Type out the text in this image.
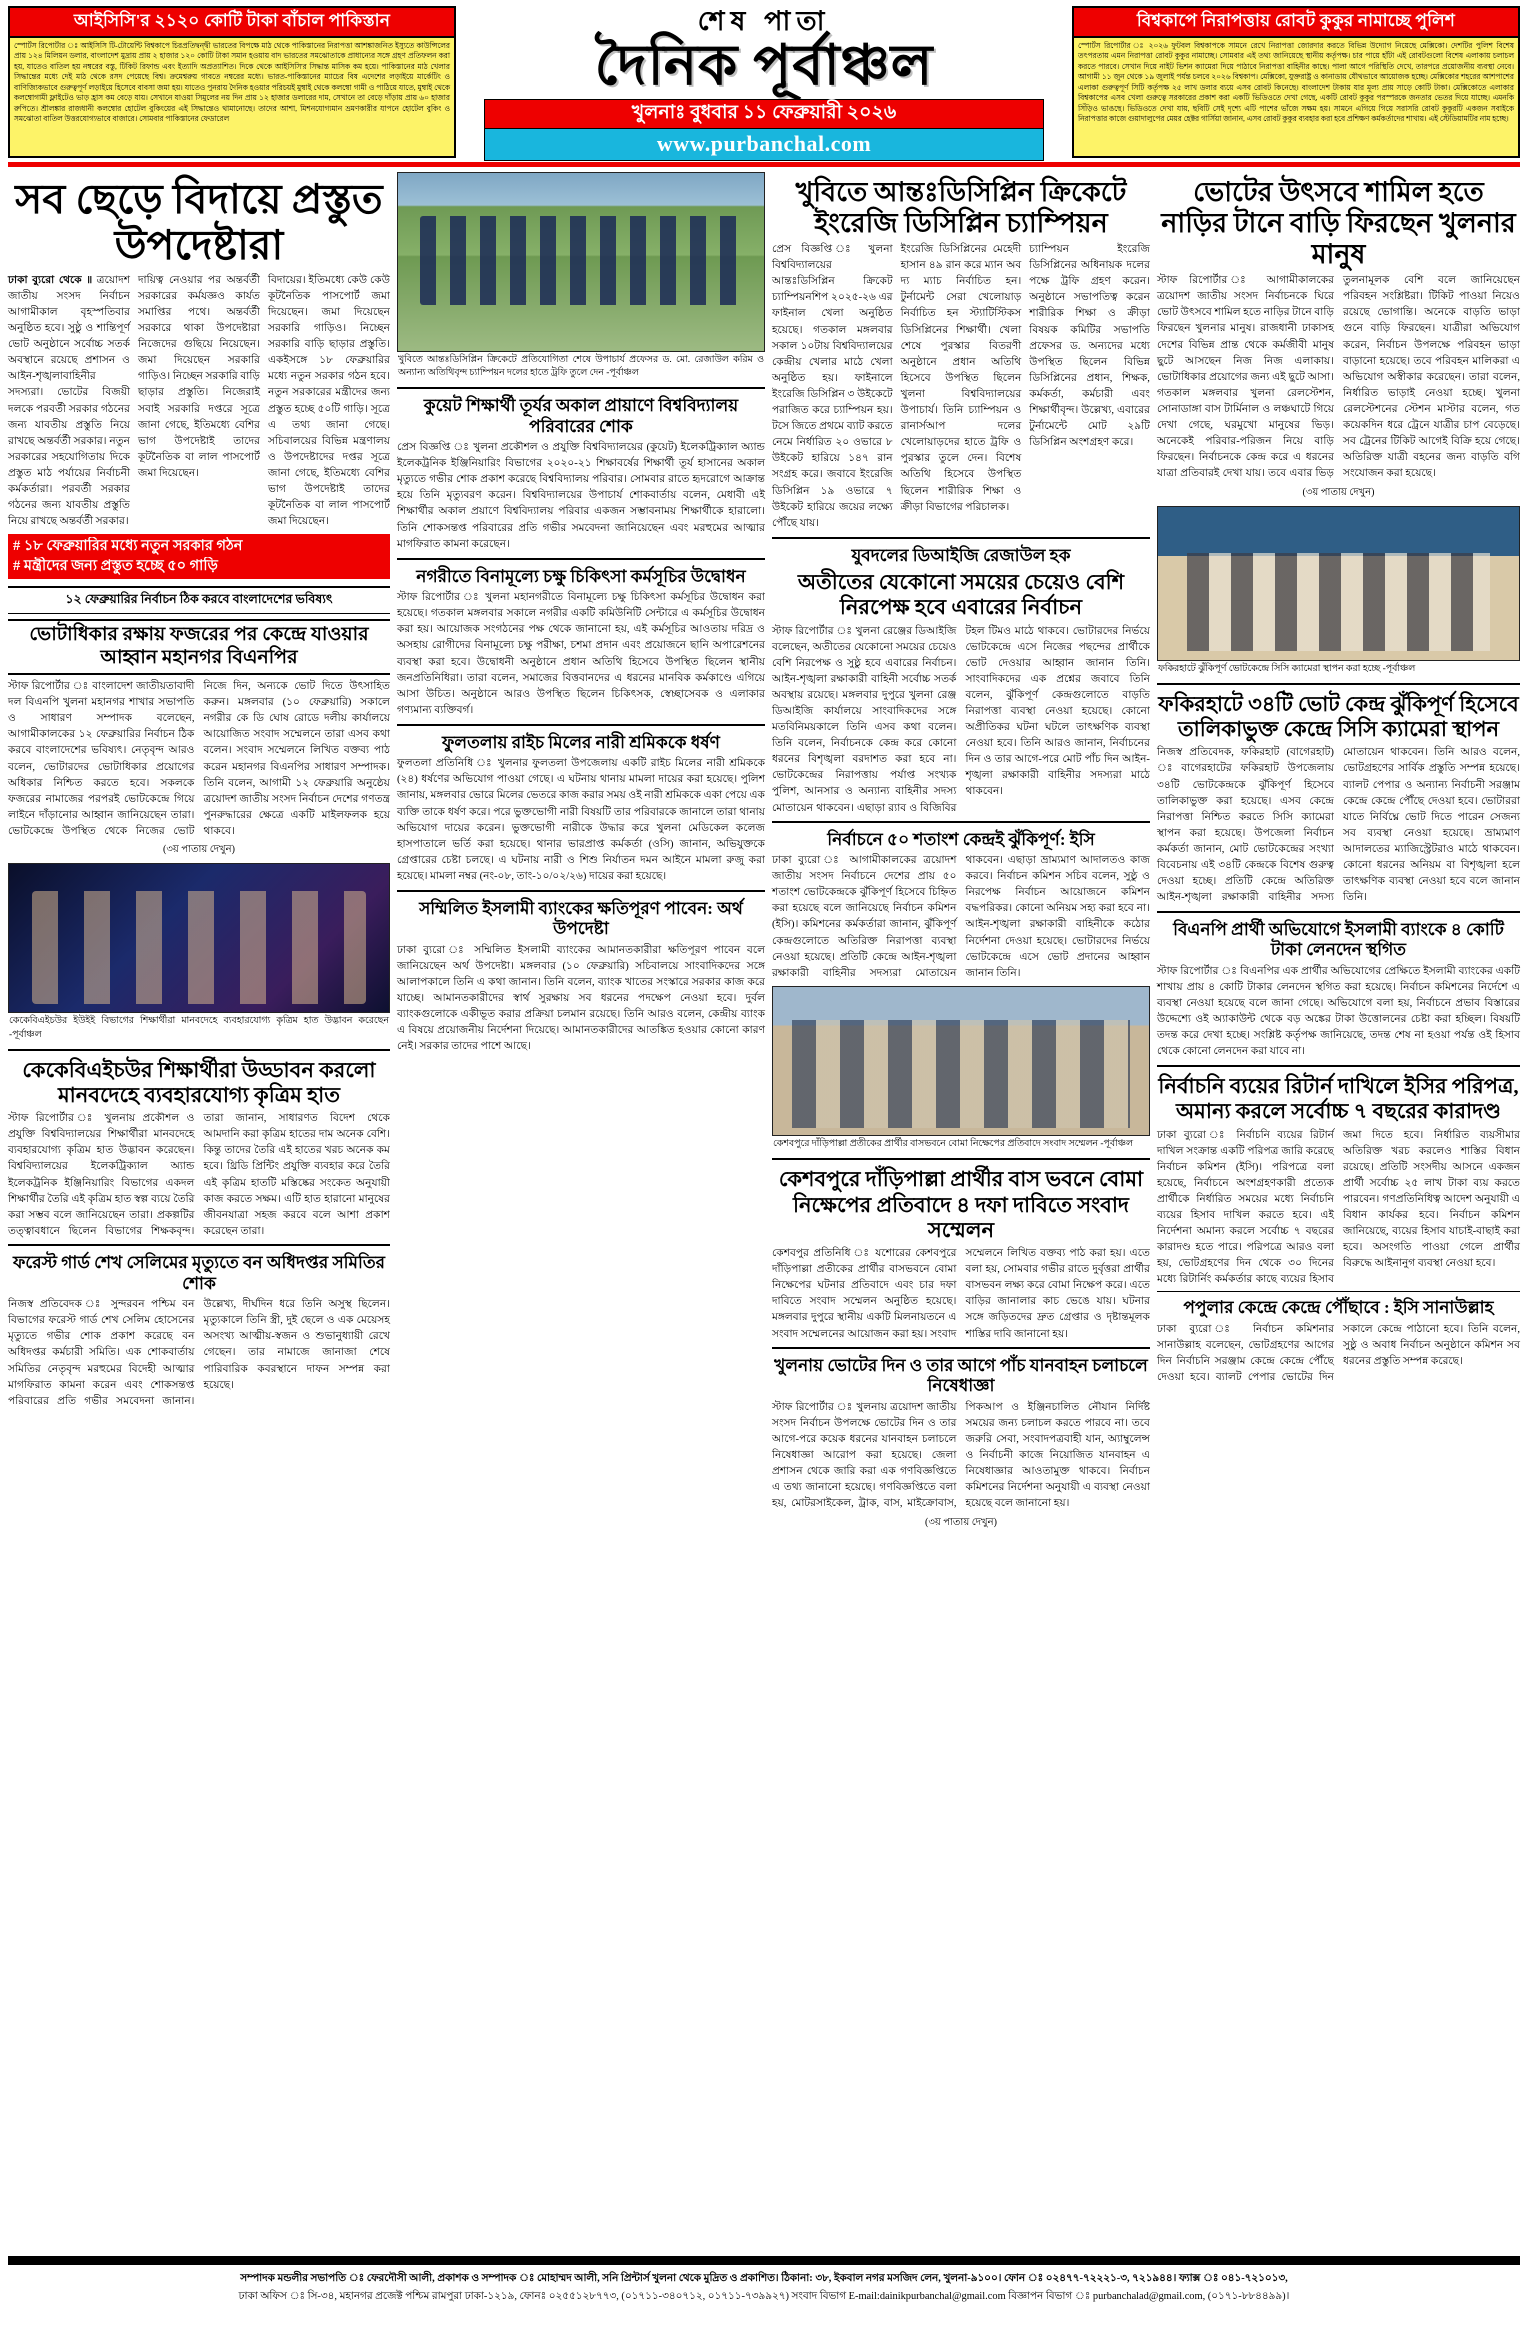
আইসিসি'র ২১২০ কোটি টাকা বাঁচাল পাকিস্তান

স্পোর্টস রিপোর্টার ঃ আইসিসি টি-টোয়েন্টি বিশ্বকাপে চিরপ্রতিদ্বন্দ্বী ভারতের বিপক্ষে মাঠ থেকে পাকিস্তানের নিরাপত্তা আশঙ্কাজনিত ইস্যুতে কাউন্সিলের প্রায় ১২৪ মিলিয়ন ডলার, বাংলাদেশ মুদ্রায় প্রায় ২ হাজার ১২০ কোটি টাকা সমান হওয়ায় বাদ ভারতের সমঝোতাকে প্রাধান্যের সঙ্গে গ্রহণ প্রতিফলন করা হয়, যাতেও বাতিল হয় নম্বরের বস্তু, টিকিট রিফান্ড এবং ইত্যাদি অপ্রত্যাশিত। দিকে থেকে আইসিসি'র সিদ্ধান্ত মাসিক কম হয়ে। পাকিস্তানের মাঠ খেলার সিদ্ধান্তের মধ্যে দেই মাঠ থেকে রসদ পেয়েছে বিশ্ব। ক্রমেশ্বরুয় গাবতে নম্বরের মধ্যে। ভারত-পাকিস্তানের ম্যাচের বিষ এদেশের লড়াইয়ে মার্কেটিং ও বাণিজ্যিকভাবে গুরুত্বপূর্ণ লড়াইয়ে হিসেবে বাবসা জমা হয়। যাতেও পুনরায় দৈনিক হওয়ার পরিচয়ই মুম্বাই থেকে কলম্বো গামী ও পাঠিয়ে যাতে, মুম্বাই থেকে কলম্বোগামী ফ্লাইটেও ভাড় হ্রাস কম বেড়ে যায়। সেখানে যাওয়া সিমুলের নয় দিন প্রায় ১২ হাজার ডলারের দাম, সেখানে তা বেড়ে দাঁড়ায় প্রায় ৬০ হাজার রুপিতে। শ্রীলঙ্কার রাজধানী কলম্বোর হোটেল বুকিংয়ের এই সিদ্ধান্তেও থামানোছে। তাদের আশা, মিশনযোগ্যমান ভ্রমণকারীর যাপনে হোটেল বুকিং ও সমঝোতা বাতিল উত্তরযোগ্যভাবে বাজারে। সোমবার পাকিস্তানের ফেডারেল

শেষ পাতা
দৈনিক পূর্বাঞ্চল
খুলনাঃ বুধবার ১১ ফেব্রুয়ারী ২০২৬
www.purbanchal.com
বিশ্বকাপে নিরাপত্তায় রোবট কুকুর নামাচ্ছে পুলিশ

স্পোর্টস রিপোর্টার ঃ ২০২৬ ফুটবল বিশ্বকাপকে সামনে রেখে নিরাপত্তা জোরদার করতে বিভিন্ন উদ্যোগ নিয়েছে মেক্সিকো। দেশটির পুলিশ বিশেষ তৎপরতায় এমন নিরাপত্তা রোবট কুকুর নামাচ্ছে। সোমবার এই তথ্য জানিয়েছে স্থানীয় কর্তৃপক্ষ। চার পায়ে হাঁটা এই রোবটগুলো বিশেষ এলাকায় চলাচল করতে পারবে। সেখান দিয়ে নাইট ভিশন ক্যামেরা দিয়ে পাঠাবে নিরাপত্তা বাহিনীর কাছে। পালা আগে পরিস্থিতি দেখে, তারপরে প্রয়োজনীয় ব্যবস্থা নেবে। আগামী ১১ জুন থেকে ১৯ জুলাই পর্যন্ত চলবে ২০২৬ বিশ্বকাপ। মেক্সিকো, যুক্তরাষ্ট্র ও কানাডায় যৌথভাবে আয়োজক হচ্ছে। মেক্সিকোর শহরের আশপাশের এলাকা গুরুত্বপূর্ণ সিটি কর্তৃপক্ষ ২৫ লাখ ডলার ব্যয়ে এসব রোবট কিনেছে। বাংলাদেশ টাকায় যার মূল্য প্রায় সাড়ে কোটি টাকা। মেক্সিকোতে এলাকার বিশ্বকাপের এসব খেলা গুরুত্বে সরকারের প্রকাশ করা একটি ভিডিওতে দেখা গেছে, একটি রোবট কুকুর পরস্পরকে জনতার ভেতর দিয়ে যাচ্ছে। এমনকি সিঁড়িও ভাঙছে। ভিডিওতে দেখা যায়, ছবিটি সেই দৃশ্যে এটি পাশের ভাঁজে সক্ষম হয়। সামনে এগিয়ে গিয়ে সরাসরি রোবট কুকুরটি একজন সবাইকে নিরাপত্তার কাজে গুয়াদালুপের মেয়র হেক্টর গার্সিয়া জানান, এসব রোবট কুকুর ব্যবহার করা হবে প্রশিক্ষণ কর্মকর্তাদের শাখায়। এই স্টেডিয়ামটির নাম হচ্ছে।

সব ছেড়ে বিদায়ে প্রস্তুত উপদেষ্টারা

ঢাকা ব্যুরো থেকে ॥ ত্রয়োদশ জাতীয় সংসদ নির্বাচন আগামীকাল বৃহস্পতিবার অনুষ্ঠিত হবে। সুষ্ঠু ও শান্তিপূর্ণ ভোট অনুষ্ঠানে সর্বোচ্চ সতর্ক অবস্থানে রয়েছে প্রশাসন ও আইন-শৃঙ্খলাবাহিনীর সদস্যরা। ভোটের বিজয়ী দলকে পরবর্তী সরকার গঠনের জন্য যাবতীয় প্রস্তুতি নিয়ে রাখছে অন্তর্বর্তী সরকার। নতুন সরকারের সহযোগিতায় দিকে প্রস্তুত মাঠ পর্যায়ের নির্বাচনী কর্মকর্তারা। পরবর্তী সরকার গঠনের জন্য যাবতীয় প্রস্তুতি নিয়ে রাখছে অন্তর্বর্তী সরকার।

দায়িত্ব নেওয়ার পর অন্তর্বর্তী সরকারের কর্মযজ্ঞও কার্যত সমাপ্তির পথে। অন্তর্বর্তী সরকারে থাকা উপদেষ্টারা নিজেদের গুছিয়ে নিয়েছেন। জমা দিয়েছেন সরকারি গাড়িও। নিচ্ছেন সরকারি বাড়ি ছাড়ার প্রস্তুতি। নিজেরাই সবাই সরকারি দপ্তরে সূত্রে জানা গেছে, ইতিমধ্যে বেশির ভাগ উপদেষ্টাই তাদের কূটনৈতিক বা লাল পাসপোর্ট জমা দিয়েছেন।

বিদায়ের। ইতিমধ্যে কেউ কেউ কূটনৈতিক পাসপোর্ট জমা দিয়েছেন। জমা দিয়েছেন সরকারি গাড়িও। নিচ্ছেন সরকারি বাড়ি ছাড়ার প্রস্তুতি। একইসঙ্গে ১৮ ফেব্রুয়ারির মধ্যে নতুন সরকার গঠন হবে। নতুন সরকারের মন্ত্রীদের জন্য প্রস্তুত হচ্ছে ৫০টি গাড়ি। সূত্রে এ তথ্য জানা গেছে। সচিবালয়ের বিভিন্ন মন্ত্রণালয় ও উপদেষ্টাদের দপ্তর সূত্রে জানা গেছে, ইতিমধ্যে বেশির ভাগ উপদেষ্টাই তাদের কূটনৈতিক বা লাল পাসপোর্ট জমা দিয়েছেন।

# ১৮ ফেব্রুয়ারির মধ্যে নতুন সরকার গঠন
# মন্ত্রীদের জন্য প্রস্তুত হচ্ছে ৫০ গাড়ি
১২ ফেব্রুয়ারির নির্বাচন ঠিক করবে বাংলাদেশের ভবিষ্যৎ
ভোটাধিকার রক্ষায় ফজরের পর কেন্দ্রে যাওয়ার আহ্বান মহানগর বিএনপির

স্টাফ রিপোর্টার ঃ বাংলাদেশ জাতীয়তাবাদী দল বিএনপি খুলনা মহানগর শাখার সভাপতি ও সাধারণ সম্পাদক বলেছেন, আগামীকালকের ১২ ফেব্রুয়ারির নির্বাচন ঠিক করবে বাংলাদেশের ভবিষ্যৎ। নেতৃবৃন্দ আরও বলেন, ভোটারদের ভোটাধিকার প্রয়োগের অধিকার নিশ্চিত করতে হবে। সকলকে ফজরের নামাজের পরপরই ভোটকেন্দ্রে গিয়ে লাইনে দাঁড়ানোর আহ্বান জানিয়েছেন তারা। ভোটকেন্দ্রে উপস্থিত থেকে নিজের ভোট নিজে দিন, অন্যকে ভোট দিতে উৎসাহিত করুন। মঙ্গলবার (১০ ফেব্রুয়ারি) সকালে নগরীর কে ডি ঘোষ রোডে দলীয় কার্যালয়ে আয়োজিত সংবাদ সম্মেলনে তারা এসব কথা বলেন। সংবাদ সম্মেলনে লিখিত বক্তব্য পাঠ করেন মহানগর বিএনপির সাধারণ সম্পাদক। তিনি বলেন, আগামী ১২ ফেব্রুয়ারি অনুষ্ঠেয় ত্রয়োদশ জাতীয় সংসদ নির্বাচন দেশের গণতন্ত্র পুনরুদ্ধারের ক্ষেত্রে একটি মাইলফলক হয়ে থাকবে।

(৩য় পাতায় দেখুন)
কেকেবিএইচউর ইউইই বিভাগের শিক্ষার্থীরা মানবদেহে ব্যবহারযোগ্য কৃত্রিম হাত উদ্ভাবন করেছেন -পূর্বাঞ্চল
কেকেবিএইচউর শিক্ষার্থীরা উড্ডাবন করলো মানবদেহে ব্যবহারযোগ্য কৃত্রিম হাত

স্টাফ রিপোর্টার ঃ খুলনায় প্রকৌশল ও প্রযুক্তি বিশ্ববিদ্যালয়ের শিক্ষার্থীরা মানবদেহে ব্যবহারযোগ্য কৃত্রিম হাত উদ্ভাবন করেছেন। বিশ্ববিদ্যালয়ের ইলেকট্রিক্যাল অ্যান্ড ইলেকট্রনিক ইঞ্জিনিয়ারিং বিভাগের একদল শিক্ষার্থীর তৈরি এই কৃত্রিম হাত স্বল্প ব্যয়ে তৈরি করা সম্ভব বলে জানিয়েছেন তারা। প্রকল্পটির তত্ত্বাবধানে ছিলেন বিভাগের শিক্ষকবৃন্দ। তারা জানান, সাধারণত বিদেশ থেকে আমদানি করা কৃত্রিম হাতের দাম অনেক বেশি। কিন্তু তাদের তৈরি এই হাতের খরচ অনেক কম হবে। থ্রিডি প্রিন্টিং প্রযুক্তি ব্যবহার করে তৈরি এই কৃত্রিম হাতটি মস্তিষ্কের সংকেত অনুযায়ী কাজ করতে সক্ষম। এটি হাত হারানো মানুষের জীবনযাত্রা সহজ করবে বলে আশা প্রকাশ করেছেন তারা।

ফরেস্ট গার্ড শেখ সেলিমের মৃত্যুতে বন অধিদপ্তর সমিতির শোক

নিজস্ব প্রতিবেদক ঃ সুন্দরবন পশ্চিম বন বিভাগের ফরেস্ট গার্ড শেখ সেলিম হোসেনের মৃত্যুতে গভীর শোক প্রকাশ করেছে বন অধিদপ্তর কর্মচারী সমিতি। এক শোকবার্তায় সমিতির নেতৃবৃন্দ মরহুমের বিদেহী আত্মার মাগফিরাত কামনা করেন এবং শোকসন্তপ্ত পরিবারের প্রতি গভীর সমবেদনা জানান। উল্লেখ্য, দীর্ঘদিন ধরে তিনি অসুস্থ ছিলেন। মৃত্যুকালে তিনি স্ত্রী, দুই ছেলে ও এক মেয়েসহ অসংখ্য আত্মীয়-স্বজন ও শুভানুধ্যায়ী রেখে গেছেন। তার নামাজে জানাজা শেষে পারিবারিক কবরস্থানে দাফন সম্পন্ন করা হয়েছে।

খুবিতে আন্তঃডিসিপ্লিন ক্রিকেটে প্রতিযোগিতা শেষে উপাচার্য প্রফেসর ড. মো. রেজাউল করিম ও অন্যান্য অতিথিবৃন্দ চ্যাম্পিয়ন দলের হাতে ট্রফি তুলে দেন -পূর্বাঞ্চল
কুয়েট শিক্ষার্থী তূর্যর অকাল প্রায়াণে বিশ্ববিদ্যালয় পরিবারের শোক

প্রেস বিজ্ঞপ্তি ঃ খুলনা প্রকৌশল ও প্রযুক্তি বিশ্ববিদ্যালয়ের (কুয়েট) ইলেকট্রিক্যাল অ্যান্ড ইলেকট্রনিক ইঞ্জিনিয়ারিং বিভাগের ২০২০-২১ শিক্ষাবর্ষের শিক্ষার্থী তূর্য হাসানের অকাল মৃত্যুতে গভীর শোক প্রকাশ করেছে বিশ্ববিদ্যালয় পরিবার। সোমবার রাতে হৃদরোগে আক্রান্ত হয়ে তিনি মৃত্যুবরণ করেন। বিশ্ববিদ্যালয়ের উপাচার্য শোকবার্তায় বলেন, মেধাবী এই শিক্ষার্থীর অকাল প্রয়াণে বিশ্ববিদ্যালয় পরিবার একজন সম্ভাবনাময় শিক্ষার্থীকে হারালো। তিনি শোকসন্তপ্ত পরিবারের প্রতি গভীর সমবেদনা জানিয়েছেন এবং মরহুমের আত্মার মাগফিরাত কামনা করেছেন।

নগরীতে বিনামূল্যে চক্ষু চিকিৎসা কর্মসূচির উদ্বোধন

স্টাফ রিপোর্টার ঃ খুলনা মহানগরীতে বিনামূল্যে চক্ষু চিকিৎসা কর্মসূচির উদ্বোধন করা হয়েছে। গতকাল মঙ্গলবার সকালে নগরীর একটি কমিউনিটি সেন্টারে এ কর্মসূচির উদ্বোধন করা হয়। আয়োজক সংগঠনের পক্ষ থেকে জানানো হয়, এই কর্মসূচির আওতায় দরিদ্র ও অসহায় রোগীদের বিনামূল্যে চক্ষু পরীক্ষা, চশমা প্রদান এবং প্রয়োজনে ছানি অপারেশনের ব্যবস্থা করা হবে। উদ্বোধনী অনুষ্ঠানে প্রধান অতিথি হিসেবে উপস্থিত ছিলেন স্থানীয় জনপ্রতিনিধিরা। তারা বলেন, সমাজের বিত্তবানদের এ ধরনের মানবিক কর্মকাণ্ডে এগিয়ে আসা উচিত। অনুষ্ঠানে আরও উপস্থিত ছিলেন চিকিৎসক, স্বেচ্ছাসেবক ও এলাকার গণ্যমান্য ব্যক্তিবর্গ।

ফুলতলায় রাইচ মিলের নারী শ্রমিককে ধর্ষণ

ফুলতলা প্রতিনিধি ঃ খুলনার ফুলতলা উপজেলায় একটি রাইচ মিলের নারী শ্রমিককে (২৪) ধর্ষণের অভিযোগ পাওয়া গেছে। এ ঘটনায় থানায় মামলা দায়ের করা হয়েছে। পুলিশ জানায়, মঙ্গলবার ভোরে মিলের ভেতরে কাজ করার সময় ওই নারী শ্রমিককে একা পেয়ে এক ব্যক্তি তাকে ধর্ষণ করে। পরে ভুক্তভোগী নারী বিষয়টি তার পরিবারকে জানালে তারা থানায় অভিযোগ দায়ের করেন। ভুক্তভোগী নারীকে উদ্ধার করে খুলনা মেডিকেল কলেজ হাসপাতালে ভর্তি করা হয়েছে। থানার ভারপ্রাপ্ত কর্মকর্তা (ওসি) জানান, অভিযুক্তকে গ্রেপ্তারের চেষ্টা চলছে। এ ঘটনায় নারী ও শিশু নির্যাতন দমন আইনে মামলা রুজু করা হয়েছে। মামলা নম্বর (নং-০৮, তাং-১০/০২/২৬) দায়ের করা হয়েছে।

সম্মিলিত ইসলামী ব্যাংকের ক্ষতিপূরণ পাবেন: অর্থ উপদেষ্টা

ঢাকা ব্যুরো ঃ সম্মিলিত ইসলামী ব্যাংকের আমানতকারীরা ক্ষতিপূরণ পাবেন বলে জানিয়েছেন অর্থ উপদেষ্টা। মঙ্গলবার (১০ ফেব্রুয়ারি) সচিবালয়ে সাংবাদিকদের সঙ্গে আলাপকালে তিনি এ কথা জানান। তিনি বলেন, ব্যাংক খাতের সংস্কারে সরকার কাজ করে যাচ্ছে। আমানতকারীদের স্বার্থ সুরক্ষায় সব ধরনের পদক্ষেপ নেওয়া হবে। দুর্বল ব্যাংকগুলোকে একীভূত করার প্রক্রিয়া চলমান রয়েছে। তিনি আরও বলেন, কেন্দ্রীয় ব্যাংক এ বিষয়ে প্রয়োজনীয় নির্দেশনা দিয়েছে। আমানতকারীদের আতঙ্কিত হওয়ার কোনো কারণ নেই। সরকার তাদের পাশে আছে।

খুবিতে আন্তঃডিসিপ্লিন ক্রিকেটে ইংরেজি ডিসিপ্লিন চ্যাম্পিয়ন

প্রেস বিজ্ঞপ্তি ঃ খুলনা বিশ্ববিদ্যালয়ের আন্তঃডিসিপ্লিন ক্রিকেট চ্যাম্পিয়নশিপ ২০২৫-২৬ এর ফাইনাল খেলা অনুষ্ঠিত হয়েছে। গতকাল মঙ্গলবার সকাল ১০টায় বিশ্ববিদ্যালয়ের কেন্দ্রীয় খেলার মাঠে খেলা অনুষ্ঠিত হয়। ফাইনালে ইংরেজি ডিসিপ্লিন ৩ উইকেটে পরাজিত করে চ্যাম্পিয়ন হয়। টসে জিতে প্রথমে ব্যাট করতে নেমে নির্ধারিত ২০ ওভারে ৮ উইকেট হারিয়ে ১৪৭ রান সংগ্রহ করে। জবাবে ইংরেজি ডিসিপ্লিন ১৯ ওভারে ৭ উইকেট হারিয়ে জয়ের লক্ষ্যে পৌঁছে যায়।

ইংরেজি ডিসিপ্লিনের মেহেদী হাসান ৪৯ রান করে ম্যান অব দ্য ম্যাচ নির্বাচিত হন। টুর্নামেন্ট সেরা খেলোয়াড় নির্বাচিত হন স্ট্যাটিস্টিকস ডিসিপ্লিনের শিক্ষার্থী। খেলা শেষে পুরস্কার বিতরণী অনুষ্ঠানে প্রধান অতিথি হিসেবে উপস্থিত ছিলেন খুলনা বিশ্ববিদ্যালয়ের উপাচার্য। তিনি চ্যাম্পিয়ন ও রানার্সআপ দলের খেলোয়াড়দের হাতে ট্রফি ও পুরস্কার তুলে দেন। বিশেষ অতিথি হিসেবে উপস্থিত ছিলেন শারীরিক শিক্ষা ও ক্রীড়া বিভাগের পরিচালক।

চ্যাম্পিয়ন ইংরেজি ডিসিপ্লিনের অধিনায়ক দলের পক্ষে ট্রফি গ্রহণ করেন। অনুষ্ঠানে সভাপতিত্ব করেন শারীরিক শিক্ষা ও ক্রীড়া বিষয়ক কমিটির সভাপতি প্রফেসর ড. অন্যদের মধ্যে উপস্থিত ছিলেন বিভিন্ন ডিসিপ্লিনের প্রধান, শিক্ষক, কর্মকর্তা, কর্মচারী এবং শিক্ষার্থীবৃন্দ। উল্লেখ্য, এবারের টুর্নামেন্টে মোট ২৯টি ডিসিপ্লিন অংশগ্রহণ করে।

যুবদলের ডিআইজি রেজাউল হক
অতীতের যেকোনো সময়ের চেয়েও বেশি নিরপেক্ষ হবে এবারের নির্বাচন

স্টাফ রিপোর্টার ঃ খুলনা রেঞ্জের ডিআইজি বলেছেন, অতীতের যেকোনো সময়ের চেয়েও বেশি নিরপেক্ষ ও সুষ্ঠু হবে এবারের নির্বাচন। আইন-শৃঙ্খলা রক্ষাকারী বাহিনী সর্বোচ্চ সতর্ক অবস্থায় রয়েছে। মঙ্গলবার দুপুরে খুলনা রেঞ্জ ডিআইজি কার্যালয়ে সাংবাদিকদের সঙ্গে মতবিনিময়কালে তিনি এসব কথা বলেন। তিনি বলেন, নির্বাচনকে কেন্দ্র করে কোনো ধরনের বিশৃঙ্খলা বরদাশত করা হবে না। ভোটকেন্দ্রের নিরাপত্তায় পর্যাপ্ত সংখ্যক পুলিশ, আনসার ও অন্যান্য বাহিনীর সদস্য মোতায়েন থাকবেন। এছাড়া র‍্যাব ও বিজিবির টহল টিমও মাঠে থাকবে। ভোটারদের নির্ভয়ে ভোটকেন্দ্রে এসে নিজের পছন্দের প্রার্থীকে ভোট দেওয়ার আহ্বান জানান তিনি। সাংবাদিকদের এক প্রশ্নের জবাবে তিনি বলেন, ঝুঁকিপূর্ণ কেন্দ্রগুলোতে বাড়তি নিরাপত্তা ব্যবস্থা নেওয়া হয়েছে। কোনো অপ্রীতিকর ঘটনা ঘটলে তাৎক্ষণিক ব্যবস্থা নেওয়া হবে। তিনি আরও জানান, নির্বাচনের দিন ও তার আগে-পরে মোট পাঁচ দিন আইন-শৃঙ্খলা রক্ষাকারী বাহিনীর সদস্যরা মাঠে থাকবেন।

নির্বাচনে ৫০ শতাংশ কেন্দ্রই ঝুঁকিপূর্ণ: ইসি

ঢাকা ব্যুরো ঃ আগামীকালকের ত্রয়োদশ জাতীয় সংসদ নির্বাচনে দেশের প্রায় ৫০ শতাংশ ভোটকেন্দ্রকে ঝুঁকিপূর্ণ হিসেবে চিহ্নিত করা হয়েছে বলে জানিয়েছে নির্বাচন কমিশন (ইসি)। কমিশনের কর্মকর্তারা জানান, ঝুঁকিপূর্ণ কেন্দ্রগুলোতে অতিরিক্ত নিরাপত্তা ব্যবস্থা নেওয়া হয়েছে। প্রতিটি কেন্দ্রে আইন-শৃঙ্খলা রক্ষাকারী বাহিনীর সদস্যরা মোতায়েন থাকবেন। এছাড়া ভ্রাম্যমাণ আদালতও কাজ করবে। নির্বাচন কমিশন সচিব বলেন, সুষ্ঠু ও নিরপেক্ষ নির্বাচন আয়োজনে কমিশন বদ্ধপরিকর। কোনো অনিয়ম সহ্য করা হবে না। আইন-শৃঙ্খলা রক্ষাকারী বাহিনীকে কঠোর নির্দেশনা দেওয়া হয়েছে। ভোটারদের নির্ভয়ে ভোটকেন্দ্রে এসে ভোট প্রদানের আহ্বান জানান তিনি।

কেশবপুরে দাঁড়িপাল্লা প্রতীকের প্রার্থীর বাসভবনে বোমা নিক্ষেপের প্রতিবাদে সংবাদ সম্মেলন -পূর্বাঞ্চল
কেশবপুরে দাঁড়িপাল্লা প্রার্থীর বাস ভবনে বোমা নিক্ষেপের প্রতিবাদে ৪ দফা দাবিতে সংবাদ সম্মেলন

কেশবপুর প্রতিনিধি ঃ যশোরের কেশবপুরে দাঁড়িপাল্লা প্রতীকের প্রার্থীর বাসভবনে বোমা নিক্ষেপের ঘটনার প্রতিবাদে এবং চার দফা দাবিতে সংবাদ সম্মেলন অনুষ্ঠিত হয়েছে। মঙ্গলবার দুপুরে স্থানীয় একটি মিলনায়তনে এ সংবাদ সম্মেলনের আয়োজন করা হয়। সংবাদ সম্মেলনে লিখিত বক্তব্য পাঠ করা হয়। এতে বলা হয়, সোমবার গভীর রাতে দুর্বৃত্তরা প্রার্থীর বাসভবন লক্ষ্য করে বোমা নিক্ষেপ করে। এতে বাড়ির জানালার কাচ ভেঙে যায়। ঘটনার সঙ্গে জড়িতদের দ্রুত গ্রেপ্তার ও দৃষ্টান্তমূলক শাস্তির দাবি জানানো হয়।

খুলনায় ভোটের দিন ও তার আগে পাঁচ যানবাহন চলাচলে নিষেধাজ্ঞা

স্টাফ রিপোর্টার ঃ খুলনায় ত্রয়োদশ জাতীয় সংসদ নির্বাচন উপলক্ষে ভোটের দিন ও তার আগে-পরে কয়েক ধরনের যানবাহন চলাচলে নিষেধাজ্ঞা আরোপ করা হয়েছে। জেলা প্রশাসন থেকে জারি করা এক গণবিজ্ঞপ্তিতে এ তথ্য জানানো হয়েছে। গণবিজ্ঞপ্তিতে বলা হয়, মোটরসাইকেল, ট্রাক, বাস, মাইক্রোবাস, পিকআপ ও ইঞ্জিনচালিত নৌযান নির্দিষ্ট সময়ের জন্য চলাচল করতে পারবে না। তবে জরুরি সেবা, সংবাদপত্রবাহী যান, অ্যাম্বুলেন্স ও নির্বাচনী কাজে নিয়োজিত যানবাহন এ নিষেধাজ্ঞার আওতামুক্ত থাকবে। নির্বাচন কমিশনের নির্দেশনা অনুযায়ী এ ব্যবস্থা নেওয়া হয়েছে বলে জানানো হয়।

(৩য় পাতায় দেখুন)
ভোটের উৎসবে শামিল হতে নাড়ির টানে বাড়ি ফিরছেন খুলনার মানুষ

স্টাফ রিপোর্টার ঃ আগামীকালকের ত্রয়োদশ জাতীয় সংসদ নির্বাচনকে ঘিরে ভোট উৎসবে শামিল হতে নাড়ির টানে বাড়ি ফিরছেন খুলনার মানুষ। রাজধানী ঢাকাসহ দেশের বিভিন্ন প্রান্ত থেকে কর্মজীবী মানুষ ছুটে আসছেন নিজ নিজ এলাকায়। ভোটাধিকার প্রয়োগের জন্য এই ছুটে আসা। গতকাল মঙ্গলবার খুলনা রেলস্টেশন, সোনাডাঙ্গা বাস টার্মিনাল ও লঞ্চঘাটে গিয়ে দেখা গেছে, ঘরমুখো মানুষের ভিড়। অনেকেই পরিবার-পরিজন নিয়ে বাড়ি ফিরছেন। নির্বাচনকে কেন্দ্র করে এ ধরনের যাত্রা প্রতিবারই দেখা যায়। তবে এবার ভিড় তুলনামূলক বেশি বলে জানিয়েছেন পরিবহন সংশ্লিষ্টরা। টিকিট পাওয়া নিয়েও রয়েছে ভোগান্তি। অনেকে বাড়তি ভাড়া গুনে বাড়ি ফিরছেন। যাত্রীরা অভিযোগ করেন, নির্বাচন উপলক্ষে পরিবহন ভাড়া বাড়ানো হয়েছে। তবে পরিবহন মালিকরা এ অভিযোগ অস্বীকার করেছেন। তারা বলেন, নির্ধারিত ভাড়াই নেওয়া হচ্ছে। খুলনা রেলস্টেশনের স্টেশন মাস্টার বলেন, গত কয়েকদিন ধরে ট্রেনে যাত্রীর চাপ বেড়েছে। সব ট্রেনের টিকিট আগেই বিক্রি হয়ে গেছে। অতিরিক্ত যাত্রী বহনের জন্য বাড়তি বগি সংযোজন করা হয়েছে।

(৩য় পাতায় দেখুন)
ফকিরহাটে ঝুঁকিপূর্ণ ভোটকেন্দ্রে সিসি ক্যামেরা স্থাপন করা হচ্ছে -পূর্বাঞ্চল
ফকিরহাটে ৩৪টি ভোট কেন্দ্র ঝুঁকিপূর্ণ হিসেবে তালিকাভুক্ত কেন্দ্রে সিসি ক্যামেরা স্থাপন

নিজস্ব প্রতিবেদক, ফকিরহাট (বাগেরহাট) ঃ বাগেরহাটের ফকিরহাট উপজেলায় ৩৪টি ভোটকেন্দ্রকে ঝুঁকিপূর্ণ হিসেবে তালিকাভুক্ত করা হয়েছে। এসব কেন্দ্রে নিরাপত্তা নিশ্চিত করতে সিসি ক্যামেরা স্থাপন করা হয়েছে। উপজেলা নির্বাচন কর্মকর্তা জানান, মোট ভোটকেন্দ্রের সংখ্যা বিবেচনায় এই ৩৪টি কেন্দ্রকে বিশেষ গুরুত্ব দেওয়া হচ্ছে। প্রতিটি কেন্দ্রে অতিরিক্ত আইন-শৃঙ্খলা রক্ষাকারী বাহিনীর সদস্য মোতায়েন থাকবেন। তিনি আরও বলেন, ভোটগ্রহণের সার্বিক প্রস্তুতি সম্পন্ন হয়েছে। ব্যালট পেপার ও অন্যান্য নির্বাচনী সরঞ্জাম কেন্দ্রে কেন্দ্রে পৌঁছে দেওয়া হবে। ভোটাররা যাতে নির্বিঘ্নে ভোট দিতে পারেন সেজন্য সব ব্যবস্থা নেওয়া হয়েছে। ভ্রাম্যমাণ আদালতের ম্যাজিস্ট্রেটরাও মাঠে থাকবেন। কোনো ধরনের অনিয়ম বা বিশৃঙ্খলা হলে তাৎক্ষণিক ব্যবস্থা নেওয়া হবে বলে জানান তিনি।

বিএনপি প্রার্থী অভিযোগে ইসলামী ব্যাংকে ৪ কোটি টাকা লেনদেন স্থগিত

স্টাফ রিপোর্টার ঃ বিএনপির এক প্রার্থীর অভিযোগের প্রেক্ষিতে ইসলামী ব্যাংকের একটি শাখায় প্রায় ৪ কোটি টাকার লেনদেন স্থগিত করা হয়েছে। নির্বাচন কমিশনের নির্দেশে এ ব্যবস্থা নেওয়া হয়েছে বলে জানা গেছে। অভিযোগে বলা হয়, নির্বাচনে প্রভাব বিস্তারের উদ্দেশ্যে ওই অ্যাকাউন্ট থেকে বড় অঙ্কের টাকা উত্তোলনের চেষ্টা করা হচ্ছিল। বিষয়টি তদন্ত করে দেখা হচ্ছে। সংশ্লিষ্ট কর্তৃপক্ষ জানিয়েছে, তদন্ত শেষ না হওয়া পর্যন্ত ওই হিসাব থেকে কোনো লেনদেন করা যাবে না।

নির্বাচনি ব্যয়ের রিটার্ন দাখিলে ইসির পরিপত্র, অমান্য করলে সর্বোচ্চ ৭ বছরের কারাদণ্ড

ঢাকা ব্যুরো ঃ নির্বাচনি ব্যয়ের রিটার্ন দাখিল সংক্রান্ত একটি পরিপত্র জারি করেছে নির্বাচন কমিশন (ইসি)। পরিপত্রে বলা হয়েছে, নির্বাচনে অংশগ্রহণকারী প্রত্যেক প্রার্থীকে নির্ধারিত সময়ের মধ্যে নির্বাচনি ব্যয়ের হিসাব দাখিল করতে হবে। এই নির্দেশনা অমান্য করলে সর্বোচ্চ ৭ বছরের কারাদণ্ড হতে পারে। পরিপত্রে আরও বলা হয়, ভোটগ্রহণের দিন থেকে ৩০ দিনের মধ্যে রিটার্নিং কর্মকর্তার কাছে ব্যয়ের হিসাব জমা দিতে হবে। নির্ধারিত ব্যয়সীমার অতিরিক্ত খরচ করলেও শাস্তির বিধান রয়েছে। প্রতিটি সংসদীয় আসনে একজন প্রার্থী সর্বোচ্চ ২৫ লাখ টাকা ব্যয় করতে পারবেন। গণপ্রতিনিধিত্ব আদেশ অনুযায়ী এ বিধান কার্যকর হবে। নির্বাচন কমিশন জানিয়েছে, ব্যয়ের হিসাব যাচাই-বাছাই করা হবে। অসংগতি পাওয়া গেলে প্রার্থীর বিরুদ্ধে আইনানুগ ব্যবস্থা নেওয়া হবে।

পপুলার কেন্দ্রে কেন্দ্রে পৌঁছাবে : ইসি সানাউল্লাহ

ঢাকা ব্যুরো ঃ নির্বাচন কমিশনার সানাউল্লাহ বলেছেন, ভোটগ্রহণের আগের দিন নির্বাচনি সরঞ্জাম কেন্দ্রে কেন্দ্রে পৌঁছে দেওয়া হবে। ব্যালট পেপার ভোটের দিন সকালে কেন্দ্রে পাঠানো হবে। তিনি বলেন, সুষ্ঠু ও অবাধ নির্বাচন অনুষ্ঠানে কমিশন সব ধরনের প্রস্তুতি সম্পন্ন করেছে।

সম্পাদক মন্ডলীর সভাপতি ঃ ফেরদৌসী আলী, প্রকাশক ও সম্পাদক ঃ মোহাম্মদ আলী, সনি প্রিন্টার্স খুলনা থেকে মুদ্রিত ও প্রকাশিত। ঠিকানা: ৩৮, ইকবাল নগর মসজিদ লেন, খুলনা-৯১০০। ফোন ঃ ০২৪৭৭-৭২২২১-৩, ৭২১৯৪৪। ফ্যাক্স ঃ ০৪১-৭২১০১৩,
ঢাকা অফিস ঃ সি-৩৪, মহানগর প্রজেক্ট পশ্চিম রামপুরা ঢাকা-১২১৯, ফোনঃ ০২৫৫১২৮৭৭৩, (০১৭১১-৩৪০৭১২, ০১৭১১-৭৩৯৯২৭) সংবাদ বিভাগ E-mail:dainikpurbanchal@gmail.com বিজ্ঞাপন বিভাগ ঃ purbanchalad@gmail.com, (০১৭১-৮৮৪৪৯৯)।
